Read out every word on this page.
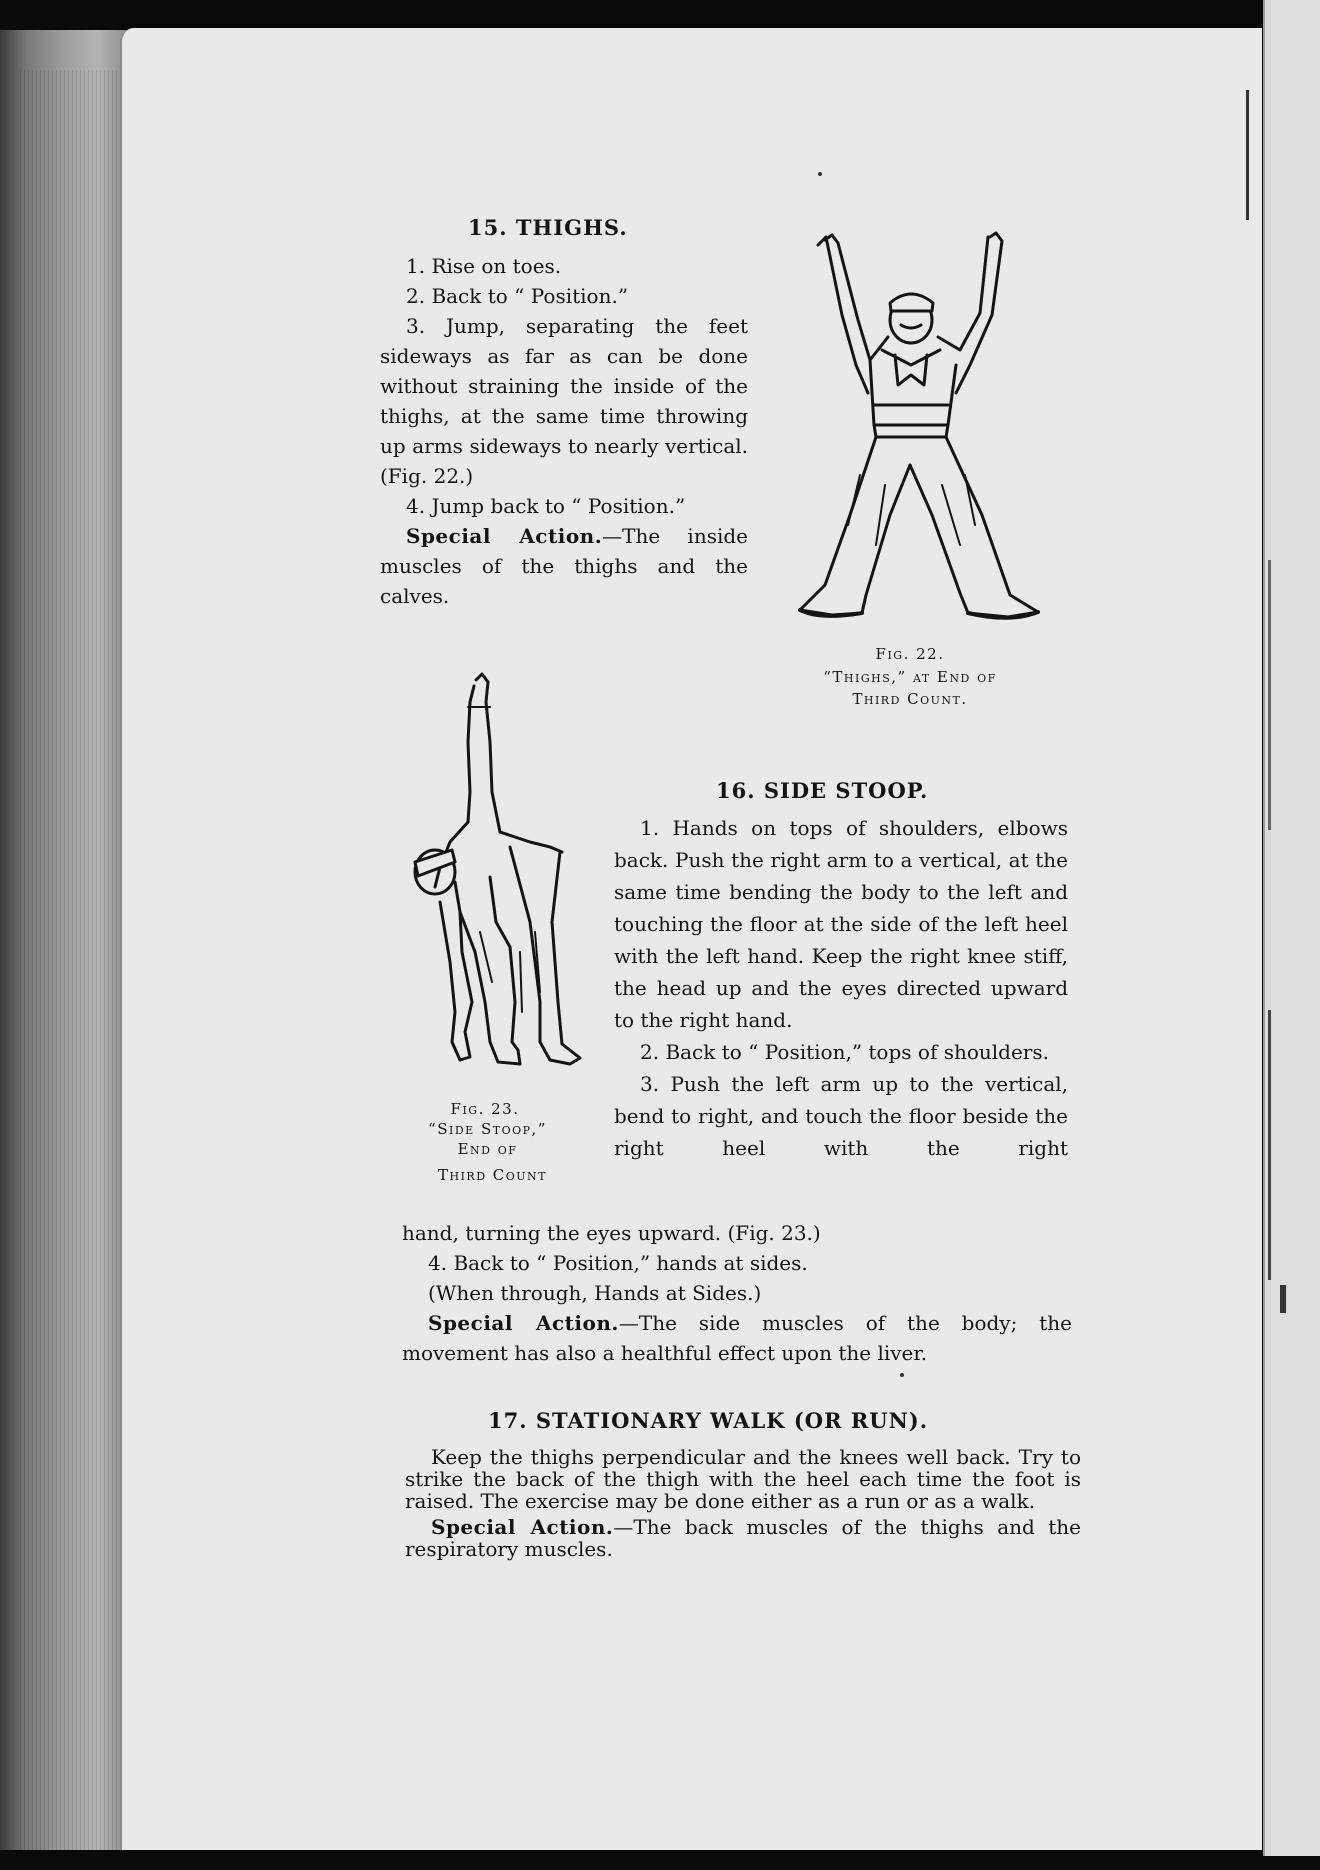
15. THIGHS.

1. Rise on toes.

2. Back to “ Position.”

3. Jump, separating the feet sideways as far as can be done without straining the inside of the thighs, at the same time throwing up arms sideways to nearly vertical. (Fig. 22.)

4. Jump back to “ Position.”

Special Action.—The inside muscles of the thighs and the calves.

Fig. 22.

“Thighs,” at End of

Third Count.

Fig. 23.

“Side Stoop,”

End of

Third Count

16. SIDE STOOP.

1. Hands on tops of shoulders, elbows back. Push the right arm to a vertical, at the same time bending the body to the left and touching the floor at the side of the left heel with the left hand. Keep the right knee stiff, the head up and the eyes directed upward to the right hand.

2. Back to “ Position,” tops of shoulders.

3. Push the left arm up to the vertical, bend to right, and touch the floor beside the right heel with the right

hand, turning the eyes upward. (Fig. 23.)

4. Back to “ Position,” hands at sides.

(When through, Hands at Sides.)

Special Action.—The side muscles of the body; the movement has also a healthful effect upon the liver.

17. STATIONARY WALK (OR RUN).

Keep the thighs perpendicular and the knees well back. Try to strike the back of the thigh with the heel each time the foot is raised. The exercise may be done either as a run or as a walk.

Special Action.—The back muscles of the thighs and the respiratory muscles.
